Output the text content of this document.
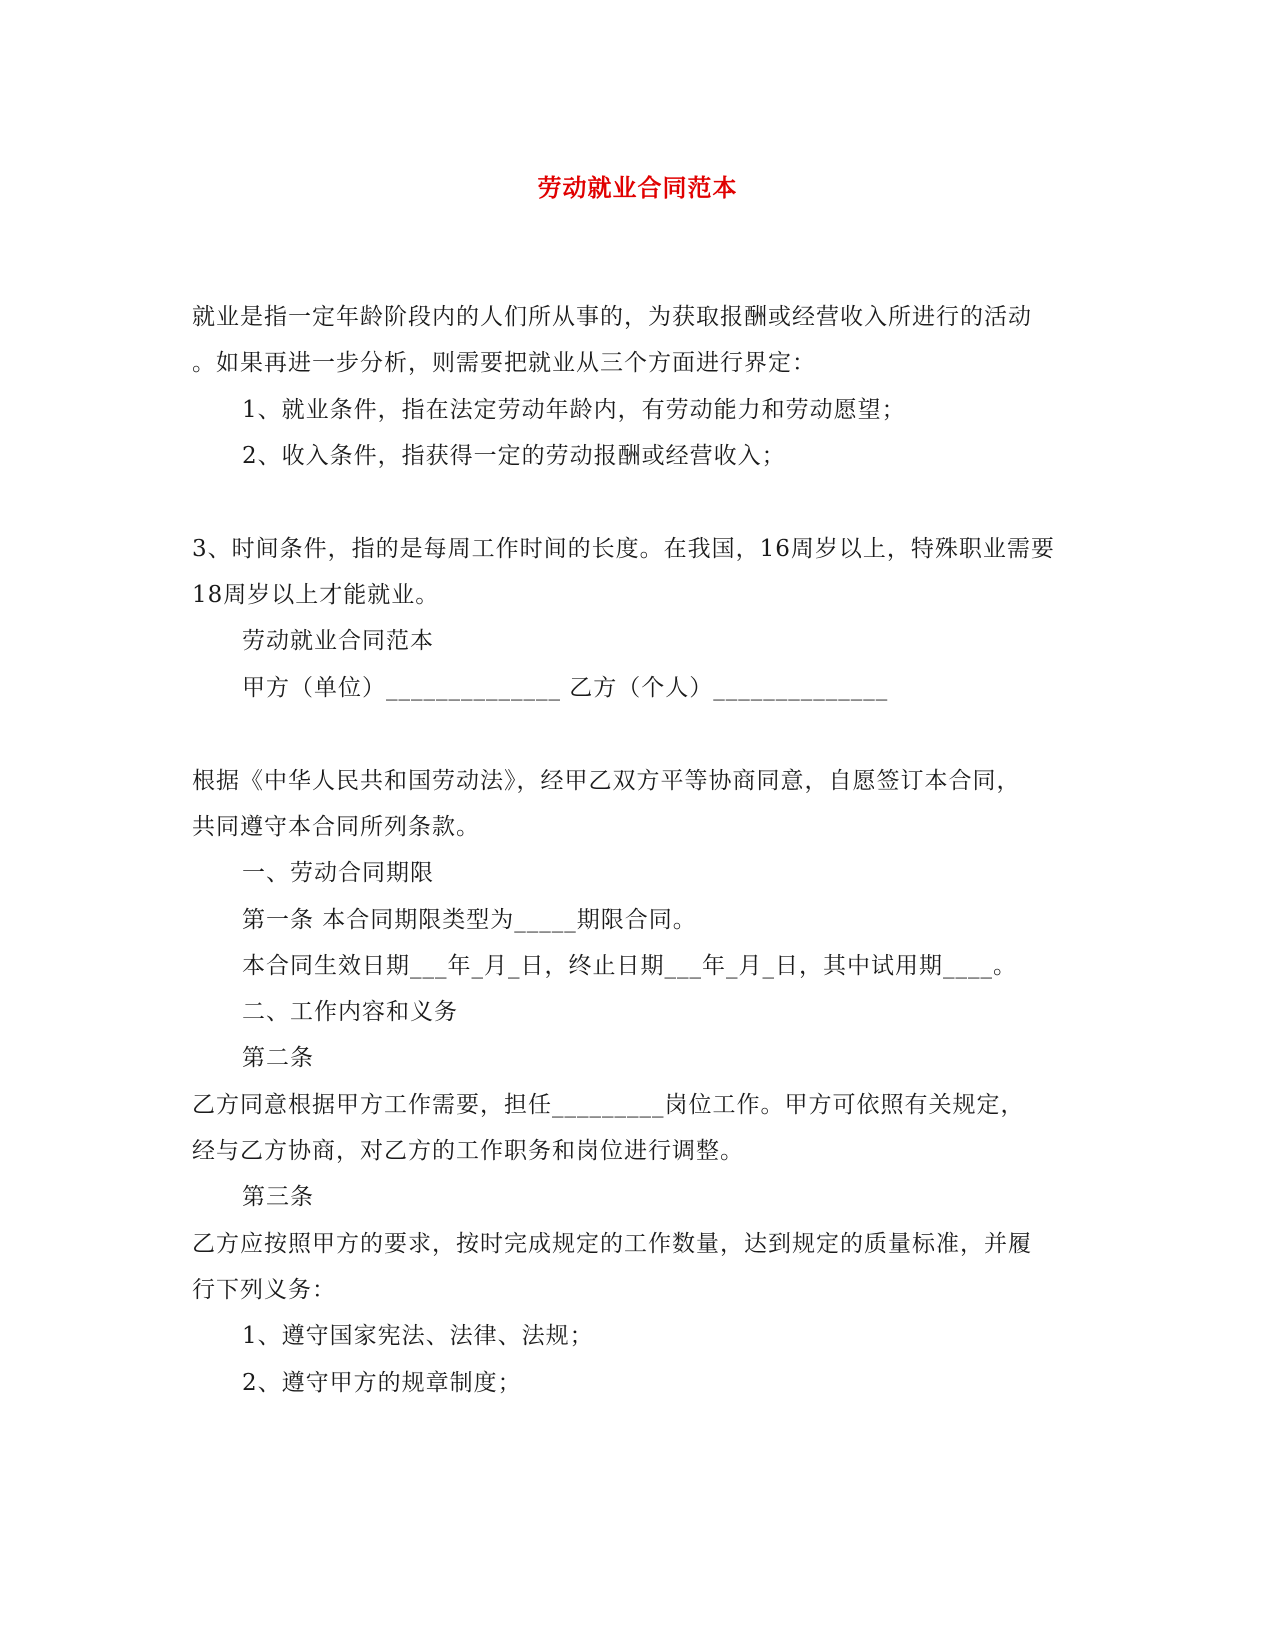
劳动就业合同范本
就业是指一定年龄阶段内的人们所从事的，为获取报酬或经营收入所进行的活动
。如果再进一步分析，则需要把就业从三个方面进行界定：
1、就业条件，指在法定劳动年龄内，有劳动能力和劳动愿望；
2、收入条件，指获得一定的劳动报酬或经营收入；
3、时间条件，指的是每周工作时间的长度。在我国，16周岁以上，特殊职业需要
18周岁以上才能就业。
劳动就业合同范本
甲方（单位）______________ 乙方（个人）______________
根据《中华人民共和国劳动法》，经甲乙双方平等协商同意，自愿签订本合同，
共同遵守本合同所列条款。
一、劳动合同期限
第一条 本合同期限类型为_____期限合同。
本合同生效日期___年_月_日，终止日期___年_月_日，其中试用期____。
二、工作内容和义务
第二条
乙方同意根据甲方工作需要，担任_________岗位工作。甲方可依照有关规定，
经与乙方协商，对乙方的工作职务和岗位进行调整。
第三条
乙方应按照甲方的要求，按时完成规定的工作数量，达到规定的质量标准，并履
行下列义务：
1、遵守国家宪法、法律、法规；
2、遵守甲方的规章制度；
